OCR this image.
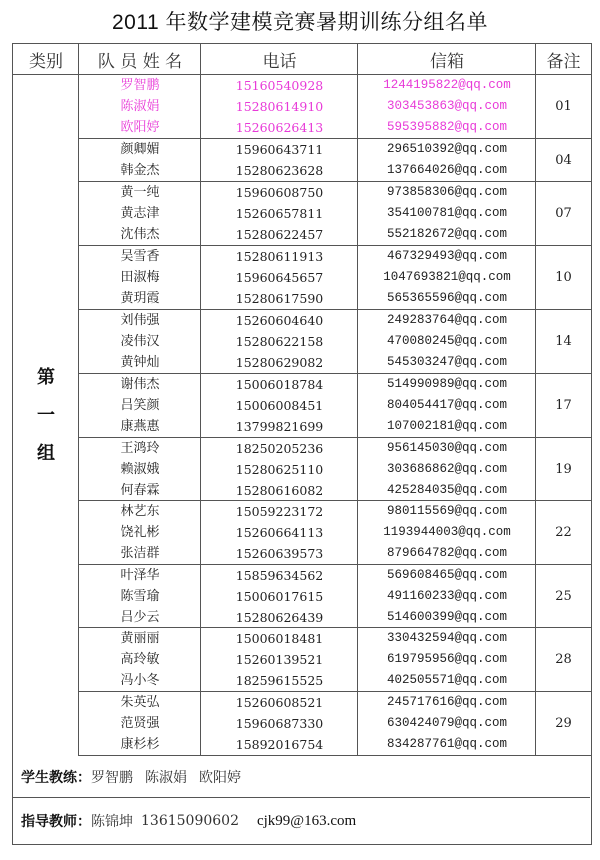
2011 年数学建模竞赛暑期训练分组名单
类别	队 员 姓 名	电话	信箱	备注
第
一
组
罗智鹏	15160540928	1244195822@qq.com
陈淑娟	15280614910	303453863@qq.com
欧阳婷	15260626413	595395882@qq.com
01
颜卿媚	15960643711	296510392@qq.com
韩金杰	15280623628	137664026@qq.com
04
黄一纯	15960608750	973858306@qq.com
黄志津	15260657811	354100781@qq.com
沈伟杰	15280622457	552182672@qq.com
07
吴雪香	15280611913	467329493@qq.com
田淑梅	15960645657	1047693821@qq.com
黄玥霞	15280617590	565365596@qq.com
10
刘伟强	15260604640	249283764@qq.com
凌伟汉	15280622158	470080245@qq.com
黄钟灿	15280629082	545303247@qq.com
14
谢伟杰	15006018784	514990989@qq.com
吕笑颜	15006008451	804054417@qq.com
康燕惠	13799821699	107002181@qq.com
17
王鸿玲	18250205236	956145030@qq.com
赖淑娥	15280625110	303686862@qq.com
何春霖	15280616082	425284035@qq.com
19
林艺东	15059223172	980115569@qq.com
饶礼彬	15260664113	1193944003@qq.com
张洁群	15260639573	879664782@qq.com
22
叶泽华	15859634562	569608465@qq.com
陈雪瑜	15006017615	491160233@qq.com
吕少云	15280626439	514600399@qq.com
25
黄丽丽	15006018481	330432594@qq.com
高玲敏	15260139521	619795956@qq.com
冯小冬	18259615525	402505571@qq.com
28
朱英弘	15260608521	245717616@qq.com
范贤强	15960687330	630424079@qq.com
康杉杉	15892016754	834287761@qq.com
29
学生教练： 罗智鹏 陈淑娟 欧阳婷
指导教师： 陈锦坤 13615090602 cjk99@163.com
